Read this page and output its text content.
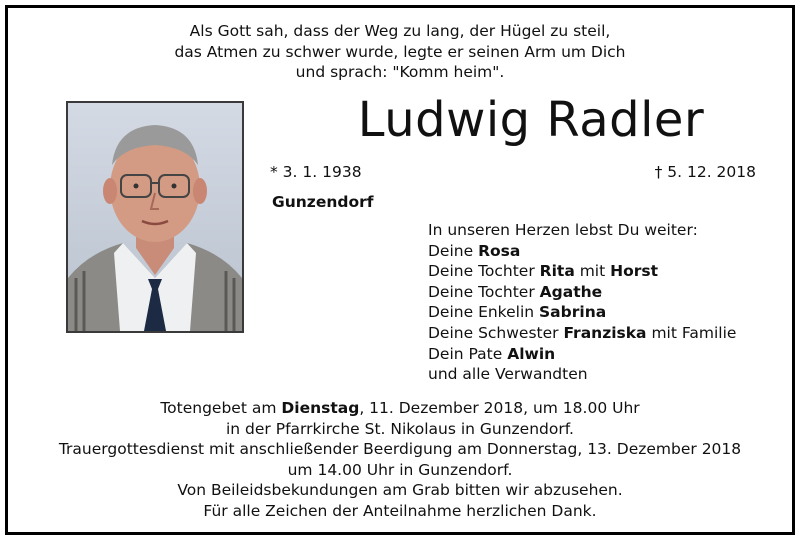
Als Gott sah, dass der Weg zu lang, der Hügel zu steil,
das Atmen zu schwer wurde, legte er seinen Arm um Dich
und sprach: "Komm heim".
Ludwig Radler
* 3. 1. 1938	† 5. 12. 2018
Gunzendorf
In unseren Herzen lebst Du weiter:
Deine Rosa
Deine Tochter Rita mit Horst
Deine Tochter Agathe
Deine Enkelin Sabrina
Deine Schwester Franziska mit Familie
Dein Pate Alwin
und alle Verwandten
Totengebet am Dienstag, 11. Dezember 2018, um 18.00 Uhr
in der Pfarrkirche St. Nikolaus in Gunzendorf.
Trauergottesdienst mit anschließender Beerdigung am Donnerstag, 13. Dezember 2018
um 14.00 Uhr in Gunzendorf.
Von Beileidsbekundungen am Grab bitten wir abzusehen.
Für alle Zeichen der Anteilnahme herzlichen Dank.
